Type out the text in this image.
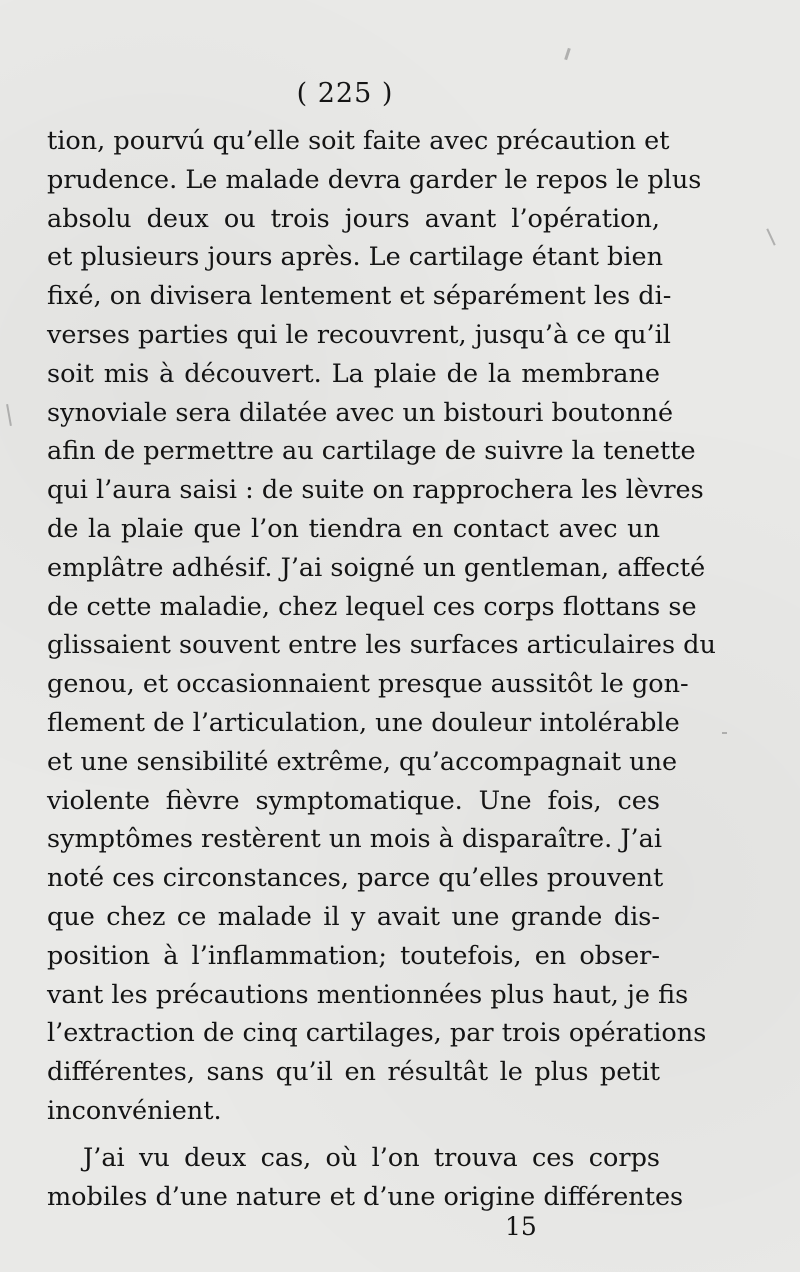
( 225 )
tion, pourvú qu’elle soit faite avec précaution et
prudence. Le malade devra garder le repos le plus
absolu deux ou trois jours avant l’opération,
et plusieurs jours après. Le cartilage étant bien
fixé, on divisera lentement et séparément les di-
verses parties qui le recouvrent, jusqu’à ce qu’il
soit mis à découvert. La plaie de la membrane
synoviale sera dilatée avec un bistouri boutonné
afin de permettre au cartilage de suivre la tenette
qui l’aura saisi : de suite on rapprochera les lèvres
de la plaie que l’on tiendra en contact avec un
emplâtre adhésif. J’ai soigné un gentleman, affecté
de cette maladie, chez lequel ces corps flottans se
glissaient souvent entre les surfaces articulaires du
genou, et occasionnaient presque aussitôt le gon-
flement de l’articulation, une douleur intolérable
et une sensibilité extrême, qu’accompagnait une
violente fièvre symptomatique. Une fois, ces
symptômes restèrent un mois à disparaître. J’ai
noté ces circonstances, parce qu’elles prouvent
que chez ce malade il y avait une grande dis-
position à l’inflammation; toutefois, en obser-
vant les précautions mentionnées plus haut, je fis
l’extraction de cinq cartilages, par trois opérations
différentes, sans qu’il en résultât le plus petit
inconvénient.
J’ai vu deux cas, où l’on trouva ces corps
mobiles d’une nature et d’une origine différentes
15
